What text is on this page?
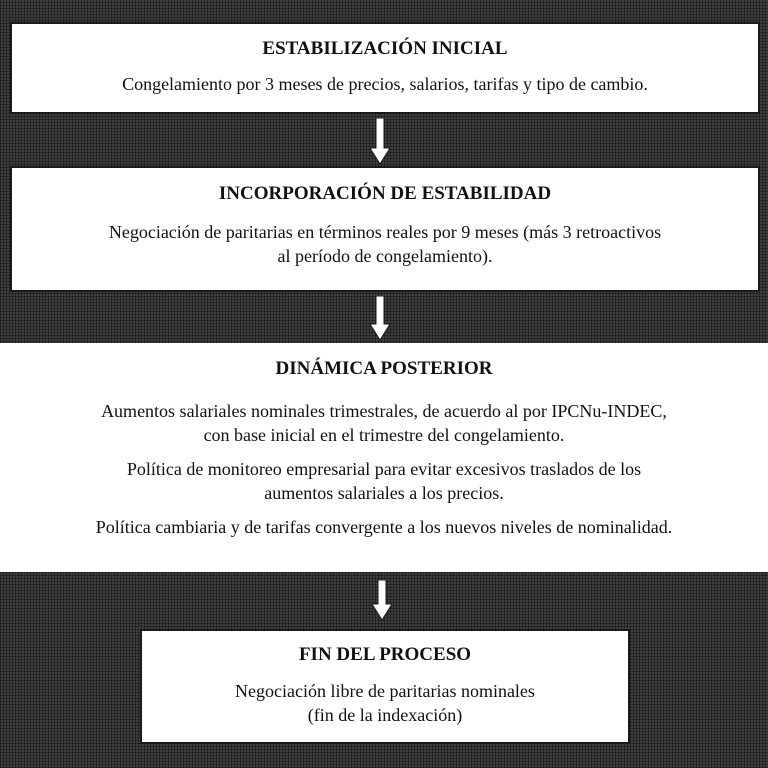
ESTABILIZACIÓN INICIAL
Congelamiento por 3 meses de precios, salarios, tarifas y tipo de cambio.
INCORPORACIÓN DE ESTABILIDAD
Negociación de paritarias en términos reales por 9 meses (más 3 retroactivos
al período de congelamiento).
DINÁMICA POSTERIOR
Aumentos salariales nominales trimestrales, de acuerdo al por IPCNu-INDEC,
con base inicial en el trimestre del congelamiento.
Política de monitoreo empresarial para evitar excesivos traslados de los
aumentos salariales a los precios.
Política cambiaria y de tarifas convergente a los nuevos niveles de nominalidad.
FIN DEL PROCESO
Negociación libre de paritarias nominales
(fin de la indexación)
